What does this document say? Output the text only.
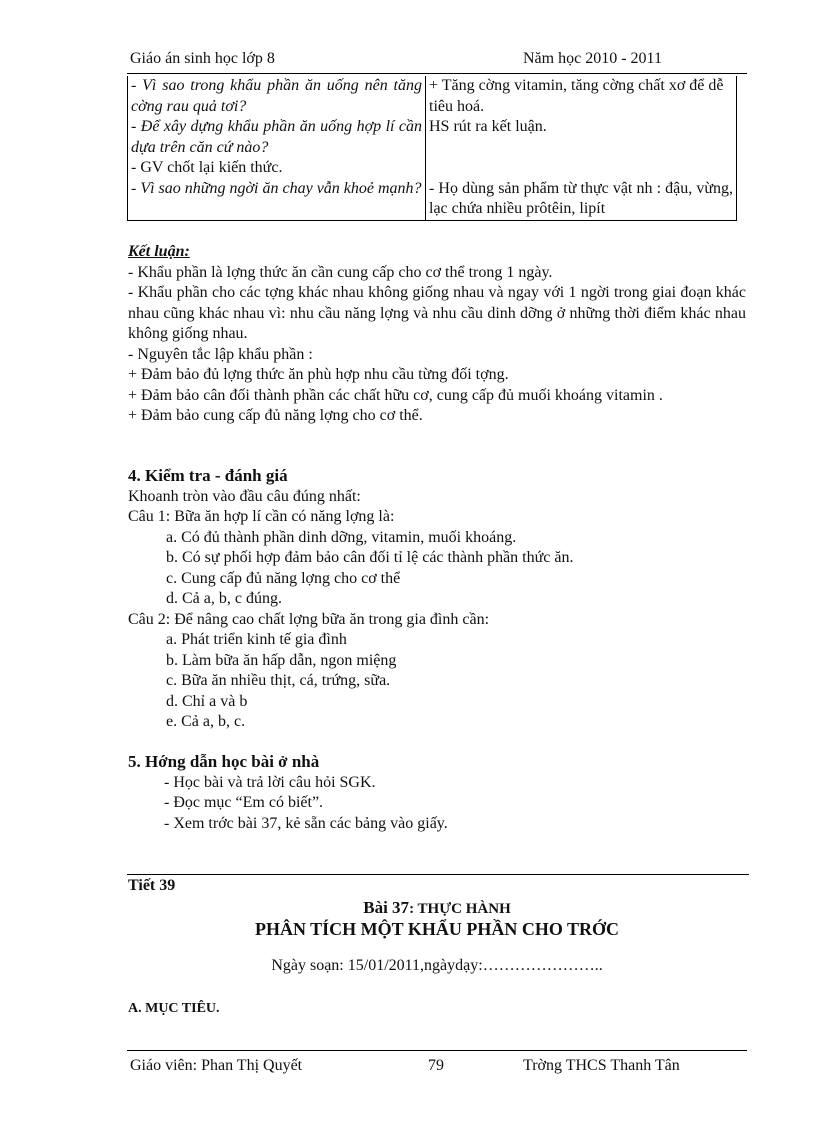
Giáo án sinh học lớp 8	Năm học 2010 - 2011
- Vì sao trong khẩu phần ăn uống nên tăng cờng rau quả tơi?	+ Tăng cờng vitamin, tăng cờng chất xơ để dễ tiêu hoá.
- Để xây dựng khẩu phần ăn uống hợp lí cần dựa trên căn cứ nào?	HS rút ra kết luận.
- GV chốt lại kiến thức.	
- Vì sao những ngời ăn chay vẫn khoẻ mạnh?	- Họ dùng sản phẩm từ thực vật nh : đậu, vừng, lạc chứa nhiều prôtêin, lipít

Kết luận:

- Khẩu phần là lợng thức ăn cần cung cấp cho cơ thể trong 1 ngày.

- Khẩu phần cho các tợng khác nhau không giống nhau và ngay với 1 ngời trong giai đoạn khác nhau cũng khác nhau vì: nhu cầu năng lợng và nhu cầu dinh dỡng ở những thời điểm khác nhau không giống nhau.

- Nguyên tắc lập khẩu phần :

+ Đảm bảo đủ lợng thức ăn phù hợp nhu cầu từng đối tợng.

+ Đảm bảo cân đối thành phần các chất hữu cơ, cung cấp đủ muối khoáng vitamin .

+ Đảm bảo cung cấp đủ năng lợng cho cơ thể.

4. Kiểm tra - đánh giá

Khoanh tròn vào đầu câu đúng nhất:

Câu 1: Bữa ăn hợp lí cần có năng lợng là:

a. Có đủ thành phần dinh dỡng, vitamin, muối khoáng.

b. Có sự phối hợp đảm bảo cân đối tỉ lệ các thành phần thức ăn.

c. Cung cấp đủ năng lợng cho cơ thể

d. Cả a, b, c đúng.

Câu 2: Để nâng cao chất lợng bữa ăn trong gia đình cần:

a. Phát triển kinh tế gia đình

b. Làm bữa ăn hấp dẫn, ngon miệng

c. Bữa ăn nhiều thịt, cá, trứng, sữa.

d. Chỉ a và b

e. Cả a, b, c.

5. Hớng dẫn học bài ở nhà

- Học bài và trả lời câu hỏi SGK.

- Đọc mục “Em có biết”.

- Xem trớc bài 37, kẻ sẵn các bảng vào giấy.

Tiết 39
Bài 37: THỰC HÀNH
PHÂN TÍCH MỘT KHẨU PHẦN CHO TRỚC
Ngày soạn: 15/01/2011,ngàydạy:…………………..
A. MỤC TIÊU.
Giáo viên: Phan Thị Quyết	79	Trờng THCS Thanh Tân
